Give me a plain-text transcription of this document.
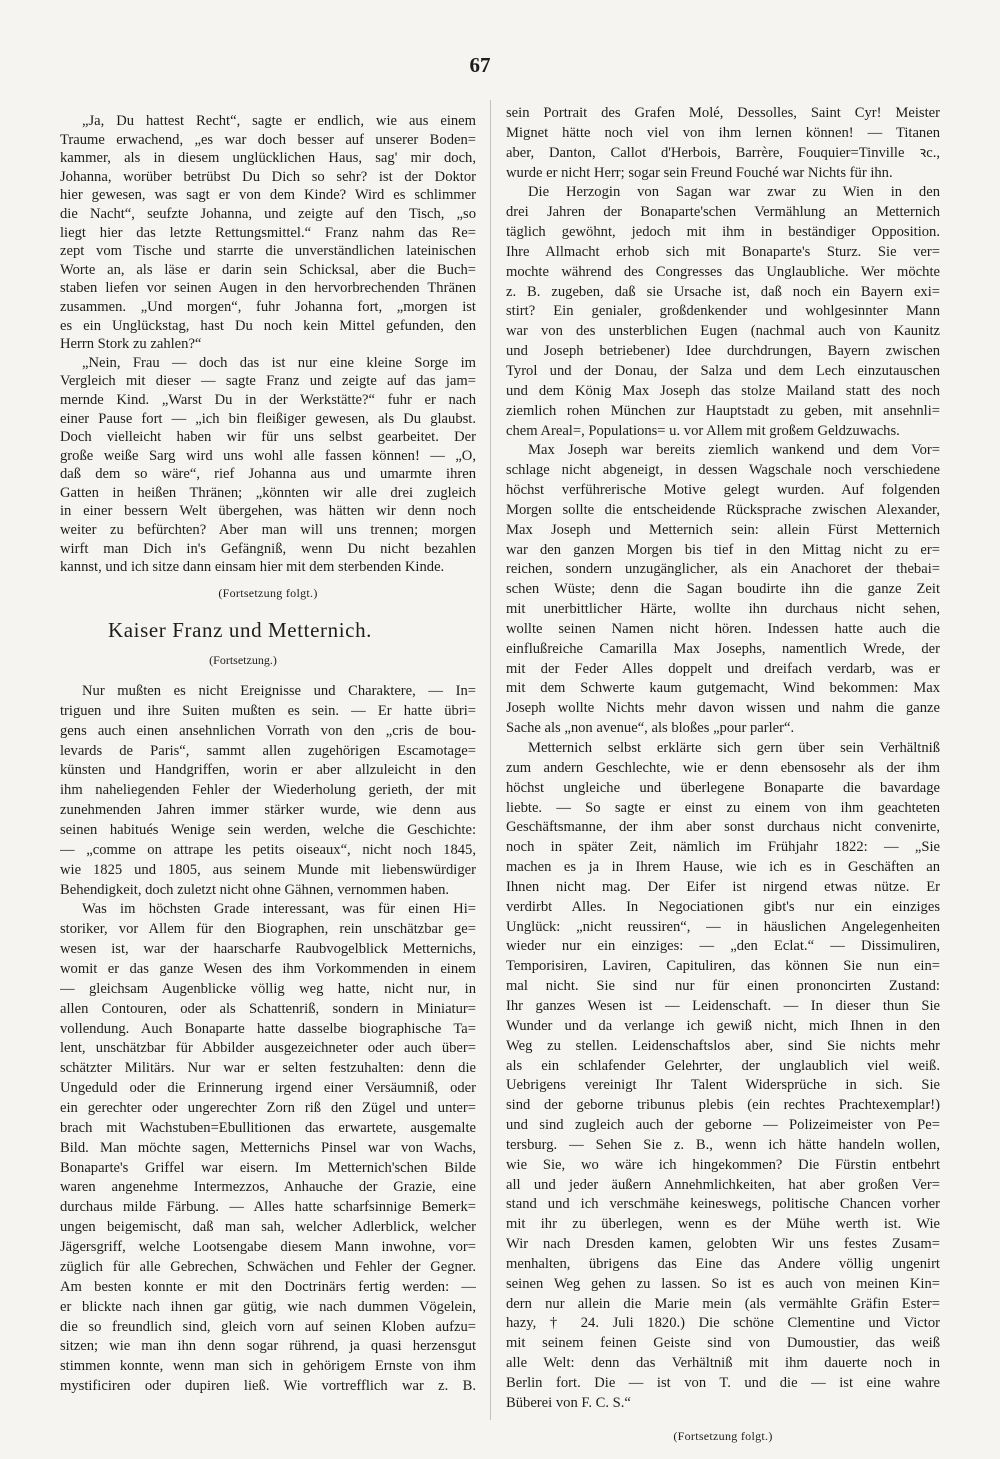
67
„Ja, Du hattest Recht“, sagte er endlich, wie aus einem
Traume erwachend, „es war doch besser auf unserer Boden=
kammer, als in diesem unglücklichen Haus, sag' mir doch,
Johanna, worüber betrübst Du Dich so sehr? ist der Doktor
hier gewesen, was sagt er von dem Kinde? Wird es schlimmer
die Nacht“, seufzte Johanna, und zeigte auf den Tisch, „so
liegt hier das letzte Rettungsmittel.“ Franz nahm das Re=
zept vom Tische und starrte die unverständlichen lateinischen
Worte an, als läse er darin sein Schicksal, aber die Buch=
staben liefen vor seinen Augen in den hervorbrechenden Thränen
zusammen. „Und morgen“, fuhr Johanna fort, „morgen ist
es ein Unglückstag, hast Du noch kein Mittel gefunden, den
Herrn Stork zu zahlen?“
„Nein, Frau — doch das ist nur eine kleine Sorge im
Vergleich mit dieser — sagte Franz und zeigte auf das jam=
mernde Kind. „Warst Du in der Werkstätte?“ fuhr er nach
einer Pause fort — „ich bin fleißiger gewesen, als Du glaubst.
Doch vielleicht haben wir für uns selbst gearbeitet. Der
große weiße Sarg wird uns wohl alle fassen können! — „O,
daß dem so wäre“, rief Johanna aus und umarmte ihren
Gatten in heißen Thränen; „könnten wir alle drei zugleich
in einer bessern Welt übergehen, was hätten wir denn noch
weiter zu befürchten? Aber man will uns trennen; morgen
wirft man Dich in's Gefängniß, wenn Du nicht bezahlen
kannst, und ich sitze dann einsam hier mit dem sterbenden Kinde.
(Fortsetzung folgt.)
Kaiser Franz und Metternich.
(Fortsetzung.)
Nur mußten es nicht Ereignisse und Charaktere, — In=
triguen und ihre Suiten mußten es sein. — Er hatte übri=
gens auch einen ansehnlichen Vorrath von den „cris de bou-
levards de Paris“, sammt allen zugehörigen Escamotage=
künsten und Handgriffen, worin er aber allzuleicht in den
ihm naheliegenden Fehler der Wiederholung gerieth, der mit
zunehmenden Jahren immer stärker wurde, wie denn aus
seinen habitués Wenige sein werden, welche die Geschichte:
— „comme on attrape les petits oiseaux“, nicht noch 1845,
wie 1825 und 1805, aus seinem Munde mit liebenswürdiger
Behendigkeit, doch zuletzt nicht ohne Gähnen, vernommen haben.
Was im höchsten Grade interessant, was für einen Hi=
storiker, vor Allem für den Biographen, rein unschätzbar ge=
wesen ist, war der haarscharfe Raubvogelblick Metternichs,
womit er das ganze Wesen des ihm Vorkommenden in einem
— gleichsam Augenblicke völlig weg hatte, nicht nur, in
allen Contouren, oder als Schattenriß, sondern in Miniatur=
vollendung. Auch Bonaparte hatte dasselbe biographische Ta=
lent, unschätzbar für Abbilder ausgezeichneter oder auch über=
schätzter Militärs. Nur war er selten festzuhalten: denn die
Ungeduld oder die Erinnerung irgend einer Versäumniß, oder
ein gerechter oder ungerechter Zorn riß den Zügel und unter=
brach mit Wachstuben=Ebullitionen das erwartete, ausgemalte
Bild. Man möchte sagen, Metternichs Pinsel war von Wachs,
Bonaparte's Griffel war eisern. Im Metternich'schen Bilde
waren angenehme Intermezzos, Anhauche der Grazie, eine
durchaus milde Färbung. — Alles hatte scharfsinnige Bemerk=
ungen beigemischt, daß man sah, welcher Adlerblick, welcher
Jägersgriff, welche Lootsengabe diesem Mann inwohne, vor=
züglich für alle Gebrechen, Schwächen und Fehler der Gegner.
Am besten konnte er mit den Doctrinärs fertig werden: —
er blickte nach ihnen gar gütig, wie nach dummen Vögelein,
die so freundlich sind, gleich vorn auf seinen Kloben aufzu=
sitzen; wie man ihn denn sogar rührend, ja quasi herzensgut
stimmen konnte, wenn man sich in gehörigem Ernste von ihm
mystificiren oder dupiren ließ. Wie vortrefflich war z. B.
sein Portrait des Grafen Molé, Dessolles, Saint Cyr! Meister
Mignet hätte noch viel von ihm lernen können! — Titanen
aber, Danton, Callot d'Herbois, Barrère, Fouquier=Tinville ꝛc.,
wurde er nicht Herr; sogar sein Freund Fouché war Nichts für ihn.
Die Herzogin von Sagan war zwar zu Wien in den
drei Jahren der Bonaparte'schen Vermählung an Metternich
täglich gewöhnt, jedoch mit ihm in beständiger Opposition.
Ihre Allmacht erhob sich mit Bonaparte's Sturz. Sie ver=
mochte während des Congresses das Unglaubliche. Wer möchte
z. B. zugeben, daß sie Ursache ist, daß noch ein Bayern exi=
stirt? Ein genialer, großdenkender und wohlgesinnter Mann
war von des unsterblichen Eugen (nachmal auch von Kaunitz
und Joseph betriebener) Idee durchdrungen, Bayern zwischen
Tyrol und der Donau, der Salza und dem Lech einzutauschen
und dem König Max Joseph das stolze Mailand statt des noch
ziemlich rohen München zur Hauptstadt zu geben, mit ansehnli=
chem Areal=, Populations= u. vor Allem mit großem Geldzuwachs.
Max Joseph war bereits ziemlich wankend und dem Vor=
schlage nicht abgeneigt, in dessen Wagschale noch verschiedene
höchst verführerische Motive gelegt wurden. Auf folgenden
Morgen sollte die entscheidende Rücksprache zwischen Alexander,
Max Joseph und Metternich sein: allein Fürst Metternich
war den ganzen Morgen bis tief in den Mittag nicht zu er=
reichen, sondern unzugänglicher, als ein Anachoret der thebai=
schen Wüste; denn die Sagan boudirte ihn die ganze Zeit
mit unerbittlicher Härte, wollte ihn durchaus nicht sehen,
wollte seinen Namen nicht hören. Indessen hatte auch die
einflußreiche Camarilla Max Josephs, namentlich Wrede, der
mit der Feder Alles doppelt und dreifach verdarb, was er
mit dem Schwerte kaum gutgemacht, Wind bekommen: Max
Joseph wollte Nichts mehr davon wissen und nahm die ganze
Sache als „non avenue“, als bloßes „pour parler“.
Metternich selbst erklärte sich gern über sein Verhältniß
zum andern Geschlechte, wie er denn ebensosehr als der ihm
höchst ungleiche und überlegene Bonaparte die bavardage
liebte. — So sagte er einst zu einem von ihm geachteten
Geschäftsmanne, der ihm aber sonst durchaus nicht convenirte,
noch in später Zeit, nämlich im Frühjahr 1822: — „Sie
machen es ja in Ihrem Hause, wie ich es in Geschäften an
Ihnen nicht mag. Der Eifer ist nirgend etwas nütze. Er
verdirbt Alles. In Negociationen gibt's nur ein einziges
Unglück: „nicht reussiren“, — in häuslichen Angelegenheiten
wieder nur ein einziges: — „den Eclat.“ — Dissimuliren,
Temporisiren, Laviren, Capituliren, das können Sie nun ein=
mal nicht. Sie sind nur für einen prononcirten Zustand:
Ihr ganzes Wesen ist — Leidenschaft. — In dieser thun Sie
Wunder und da verlange ich gewiß nicht, mich Ihnen in den
Weg zu stellen. Leidenschaftslos aber, sind Sie nichts mehr
als ein schlafender Gelehrter, der unglaublich viel weiß.
Uebrigens vereinigt Ihr Talent Widersprüche in sich. Sie
sind der geborne tribunus plebis (ein rechtes Prachtexemplar!)
und sind zugleich auch der geborne — Polizeimeister von Pe=
tersburg. — Sehen Sie z. B., wenn ich hätte handeln wollen,
wie Sie, wo wäre ich hingekommen? Die Fürstin entbehrt
all und jeder äußern Annehmlichkeiten, hat aber großen Ver=
stand und ich verschmähe keineswegs, politische Chancen vorher
mit ihr zu überlegen, wenn es der Mühe werth ist. Wie
Wir nach Dresden kamen, gelobten Wir uns festes Zusam=
menhalten, übrigens das Eine das Andere völlig ungenirt
seinen Weg gehen zu lassen. So ist es auch von meinen Kin=
dern nur allein die Marie mein (als vermählte Gräfin Ester=
hazy, † 24. Juli 1820.) Die schöne Clementine und Victor
mit seinem feinen Geiste sind von Dumoustier, das weiß
alle Welt: denn das Verhältniß mit ihm dauerte noch in
Berlin fort. Die — ist von T. und die — ist eine wahre
Büberei von F. C. S.“
(Fortsetzung folgt.)
